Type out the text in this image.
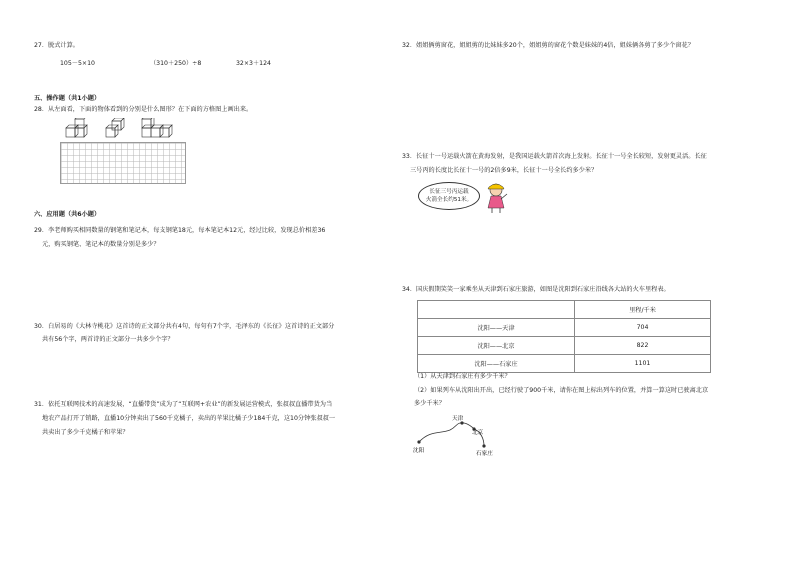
27．脱式计算。
105－5×10	（310＋250）÷8	32×3＋124
五、操作题（共1小题）
28．从左面看，下面的物体看到的分别是什么图形？在下面的方格图上画出来。
六、应用题（共6小题）
29．李老师购买相同数量的钢笔和笔记本，每支钢笔18元，每本笔记本12元，经过比较，发现总价相差36
元，购买钢笔、笔记本的数量分别是多少？
30．白居易的《大林寺桃花》这首诗的正文部分共有4句，每句有7个字，毛泽东的《长征》这首诗的正文部分
共有56个字，两首诗的正文部分一共多少个字？
31．依托互联网技术的高速发展，“直播带货”成为了“互联网+农业”的新发展运营模式，张叔叔直播带货为当
地农产品打开了销路，直播10分钟卖出了560千克橘子，卖出的苹果比橘子少184千克，这10分钟张叔叔一
共卖出了多少千克橘子和苹果？
32．姐姐俩剪窗花，姐姐剪的比妹妹多20个，姐姐剪的窗花个数是妹妹的4倍，姐妹俩各剪了多少个窗花？
33．长征十一号运载火箭在黄海发射，是我国运载火箭首次海上发射。长征十一号全长较短，发射更灵活。长征
三号丙的长度比长征十一号的2倍多9米，长征十一号全长约多少米？
长征三号丙运载
火箭全长约51米。
34．国庆假期笑笑一家乘坐从天津到石家庄旅游，如图是沈阳到石家庄沿线各大站的火车里程表。
	里程/千米
沈阳——天津	704
沈阳——北京	822
沈阳——石家庄	1101
（1）从天津到石家庄有多少千米？
（2）如果列车从沈阳出开出，已经行驶了900千米，请你在图上标出列车的位置，并算一算这时已驶离北京
多少千米？
天津
北京
沈阳	石家庄
